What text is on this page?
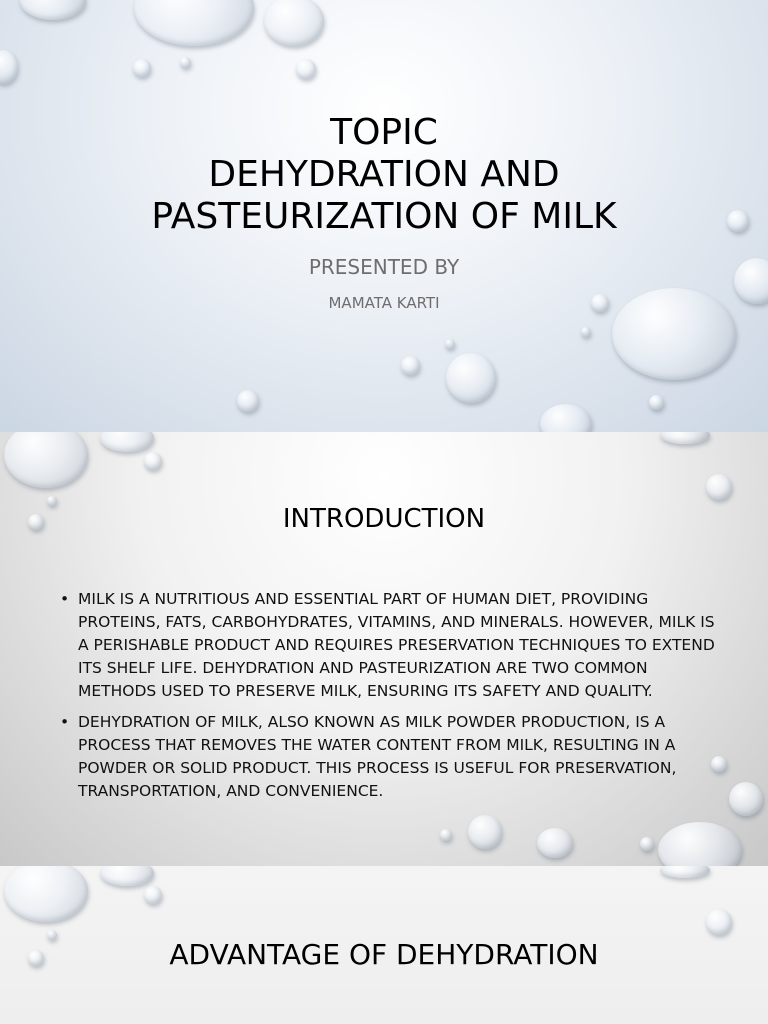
TOPIC
DEHYDRATION AND
PASTEURIZATION OF MILK
PRESENTED BY
MAMATA KARTI
INTRODUCTION
• MILK IS A NUTRITIOUS AND ESSENTIAL PART OF HUMAN DIET, PROVIDING PROTEINS, FATS, CARBOHYDRATES, VITAMINS, AND MINERALS. HOWEVER, MILK IS A PERISHABLE PRODUCT AND REQUIRES PRESERVATION TECHNIQUES TO EXTEND ITS SHELF LIFE. DEHYDRATION AND PASTEURIZATION ARE TWO COMMON METHODS USED TO PRESERVE MILK, ENSURING ITS SAFETY AND QUALITY.
• DEHYDRATION OF MILK, ALSO KNOWN AS MILK POWDER PRODUCTION, IS A PROCESS THAT REMOVES THE WATER CONTENT FROM MILK, RESULTING IN A POWDER OR SOLID PRODUCT. THIS PROCESS IS USEFUL FOR PRESERVATION, TRANSPORTATION, AND CONVENIENCE.
ADVANTAGE OF DEHYDRATION
